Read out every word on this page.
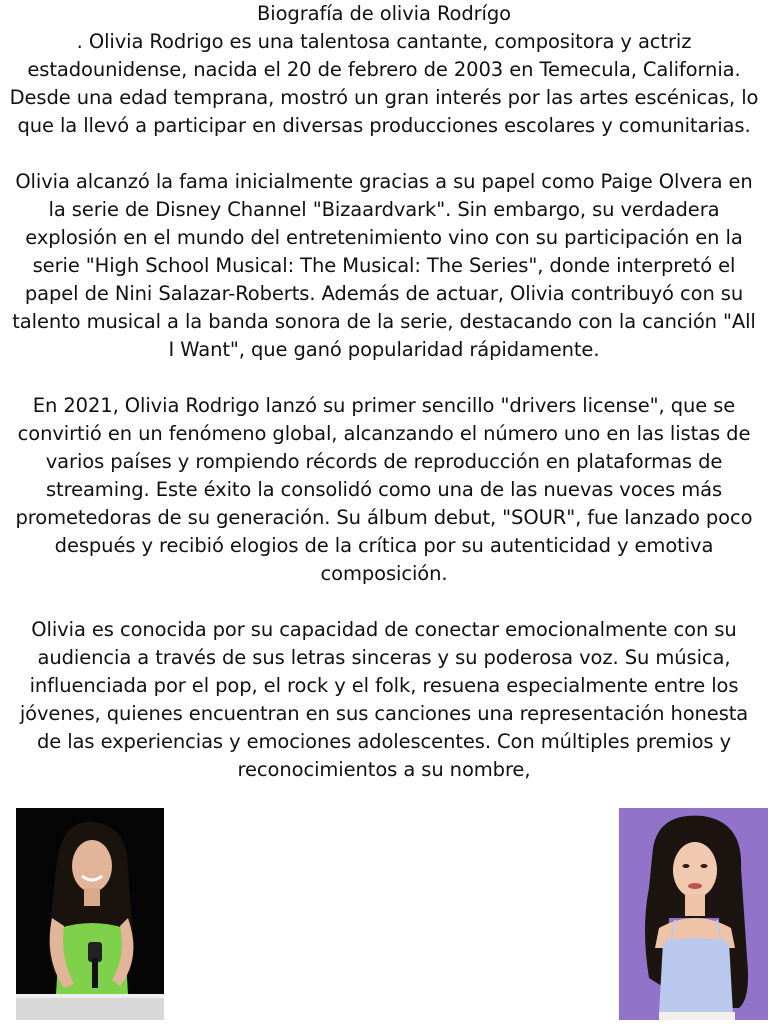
Biografía de olivia Rodrígo

. Olivia Rodrigo es una talentosa cantante, compositora y actriz estadounidense, nacida el 20 de febrero de 2003 en Temecula, California. Desde una edad temprana, mostró un gran interés por las artes escénicas, lo que la llevó a participar en diversas producciones escolares y comunitarias.

Olivia alcanzó la fama inicialmente gracias a su papel como Paige Olvera en la serie de Disney Channel "Bizaardvark". Sin embargo, su verdadera explosión en el mundo del entretenimiento vino con su participación en la serie "High School Musical: The Musical: The Series", donde interpretó el papel de Nini Salazar-Roberts. Además de actuar, Olivia contribuyó con su talento musical a la banda sonora de la serie, destacando con la canción "All I Want", que ganó popularidad rápidamente.

En 2021, Olivia Rodrigo lanzó su primer sencillo "drivers license", que se convirtió en un fenómeno global, alcanzando el número uno en las listas de varios países y rompiendo récords de reproducción en plataformas de streaming. Este éxito la consolidó como una de las nuevas voces más prometedoras de su generación. Su álbum debut, "SOUR", fue lanzado poco después y recibió elogios de la crítica por su autenticidad y emotiva composición.

Olivia es conocida por su capacidad de conectar emocionalmente con su audiencia a través de sus letras sinceras y su poderosa voz. Su música, influenciada por el pop, el rock y el folk, resuena especialmente entre los jóvenes, quienes encuentran en sus canciones una representación honesta de las experiencias y emociones adolescentes. Con múltiples premios y reconocimientos a su nombre,
